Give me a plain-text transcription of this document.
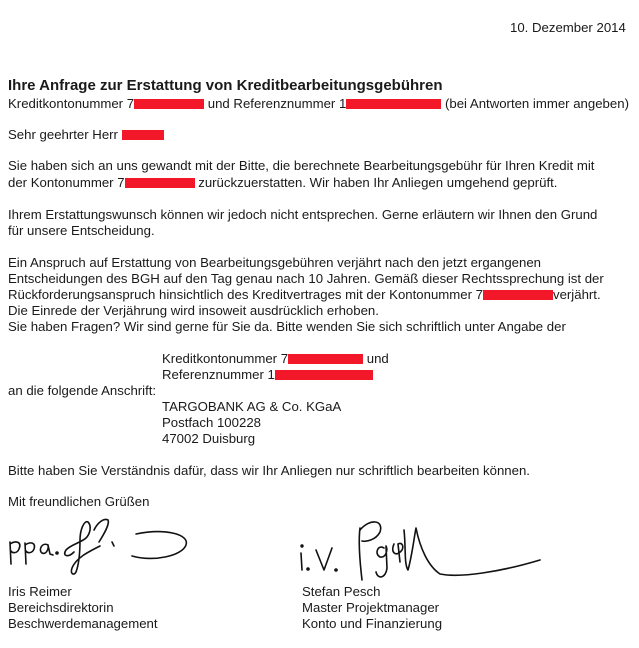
10. Dezember 2014
Ihre Anfrage zur Erstattung von Kreditbearbeitungsgebühren
Kreditkontonummer 7	und Referenznummer 1	(bei Antworten immer angeben)
Sehr geehrter Herr
Sie haben sich an uns gewandt mit der Bitte, die berechnete Bearbeitungsgebühr für Ihren Kredit mit
der Kontonummer 7	zurückzuerstatten. Wir haben Ihr Anliegen umgehend geprüft.
Ihrem Erstattungswunsch können wir jedoch nicht entsprechen. Gerne erläutern wir Ihnen den Grund
für unsere Entscheidung.
Ein Anspruch auf Erstattung von Bearbeitungsgebühren verjährt nach den jetzt ergangenen
Entscheidungen des BGH auf den Tag genau nach 10 Jahren. Gemäß dieser Rechtssprechung ist der
Rückforderungsanspruch hinsichtlich des Kreditvertrages mit der Kontonummer 7	verjährt.
Die Einrede der Verjährung wird insoweit ausdrücklich erhoben.
Sie haben Fragen? Wir sind gerne für Sie da. Bitte wenden Sie sich schriftlich unter Angabe der
Kreditkontonummer 7	und
Referenznummer 1
an die folgende Anschrift:
TARGOBANK AG & Co. KGaA
Postfach 100228
47002 Duisburg
Bitte haben Sie Verständnis dafür, dass wir Ihr Anliegen nur schriftlich bearbeiten können.
Mit freundlichen Grüßen
Iris Reimer
Bereichsdirektorin
Beschwerdemanagement
Stefan Pesch
Master Projektmanager
Konto und Finanzierung
